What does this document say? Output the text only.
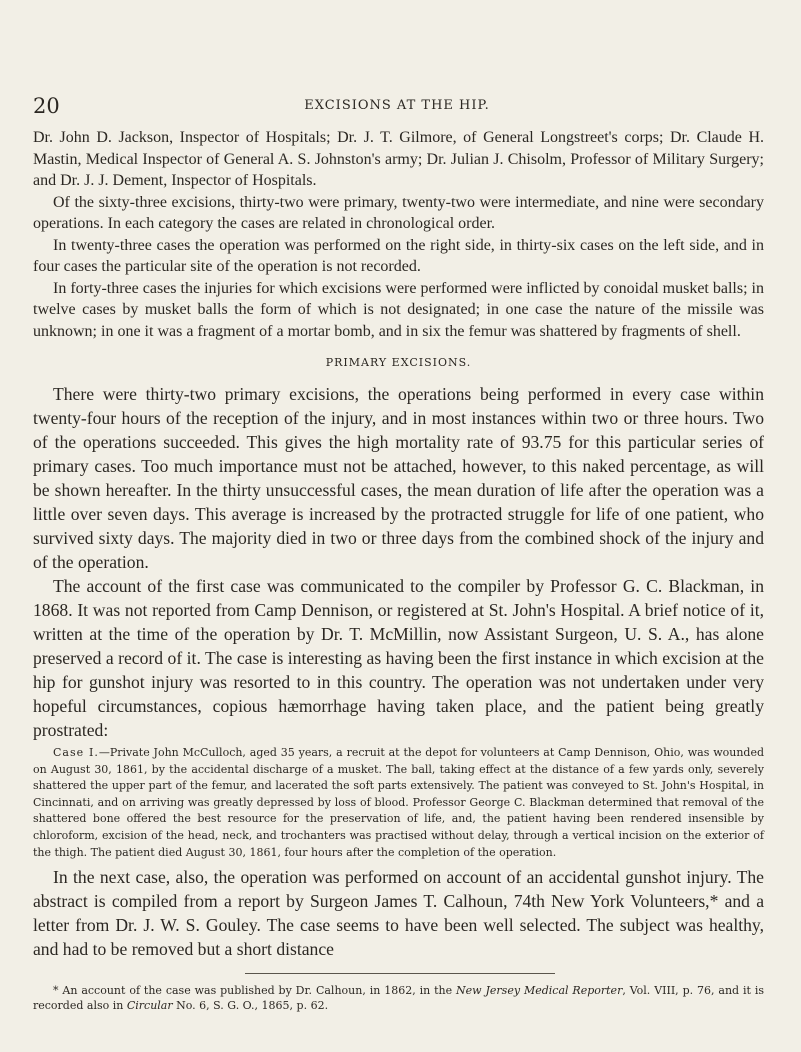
20	EXCISIONS AT THE HIP.

Dr. John D. Jackson, Inspector of Hospitals; Dr. J. T. Gilmore, of General Longstreet's corps; Dr. Claude H. Mastin, Medical Inspector of General A. S. Johnston's army; Dr. Julian J. Chisolm, Professor of Military Surgery; and Dr. J. J. Dement, Inspector of Hospitals.

Of the sixty-three excisions, thirty-two were primary, twenty-two were intermediate, and nine were secondary operations. In each category the cases are related in chronological order.

In twenty-three cases the operation was performed on the right side, in thirty-six cases on the left side, and in four cases the particular site of the operation is not recorded.

In forty-three cases the injuries for which excisions were performed were inflicted by conoidal musket balls; in twelve cases by musket balls the form of which is not designated; in one case the nature of the missile was unknown; in one it was a fragment of a mortar bomb, and in six the femur was shattered by fragments of shell.

PRIMARY EXCISIONS.

There were thirty-two primary excisions, the operations being performed in every case within twenty-four hours of the reception of the injury, and in most instances within two or three hours. Two of the operations succeeded. This gives the high mortality rate of 93.75 for this particular series of primary cases. Too much importance must not be attached, however, to this naked percentage, as will be shown hereafter. In the thirty unsuccessful cases, the mean duration of life after the operation was a little over seven days. This average is increased by the protracted struggle for life of one patient, who survived sixty days. The majority died in two or three days from the combined shock of the injury and of the operation.

The account of the first case was communicated to the compiler by Professor G. C. Blackman, in 1868. It was not reported from Camp Dennison, or registered at St. John's Hospital. A brief notice of it, written at the time of the operation by Dr. T. McMillin, now Assistant Surgeon, U. S. A., has alone preserved a record of it. The case is interesting as having been the first instance in which excision at the hip for gunshot injury was resorted to in this country. The operation was not undertaken under very hopeful circumstances, copious hæmorrhage having taken place, and the patient being greatly prostrated:

Case I.—Private John McCulloch, aged 35 years, a recruit at the depot for volunteers at Camp Dennison, Ohio, was wounded on August 30, 1861, by the accidental discharge of a musket. The ball, taking effect at the distance of a few yards only, severely shattered the upper part of the femur, and lacerated the soft parts extensively. The patient was conveyed to St. John's Hospital, in Cincinnati, and on arriving was greatly depressed by loss of blood. Professor George C. Blackman determined that removal of the shattered bone offered the best resource for the preservation of life, and, the patient having been rendered insensible by chloroform, excision of the head, neck, and trochanters was practised without delay, through a vertical incision on the exterior of the thigh. The patient died August 30, 1861, four hours after the completion of the operation.

In the next case, also, the operation was performed on account of an accidental gunshot injury. The abstract is compiled from a report by Surgeon James T. Calhoun, 74th New York Volunteers,* and a letter from Dr. J. W. S. Gouley. The case seems to have been well selected. The subject was healthy, and had to be removed but a short distance

* An account of the case was published by Dr. Calhoun, in 1862, in the New Jersey Medical Reporter, Vol. VIII, p. 76, and it is recorded also in Circular No. 6, S. G. O., 1865, p. 62.
